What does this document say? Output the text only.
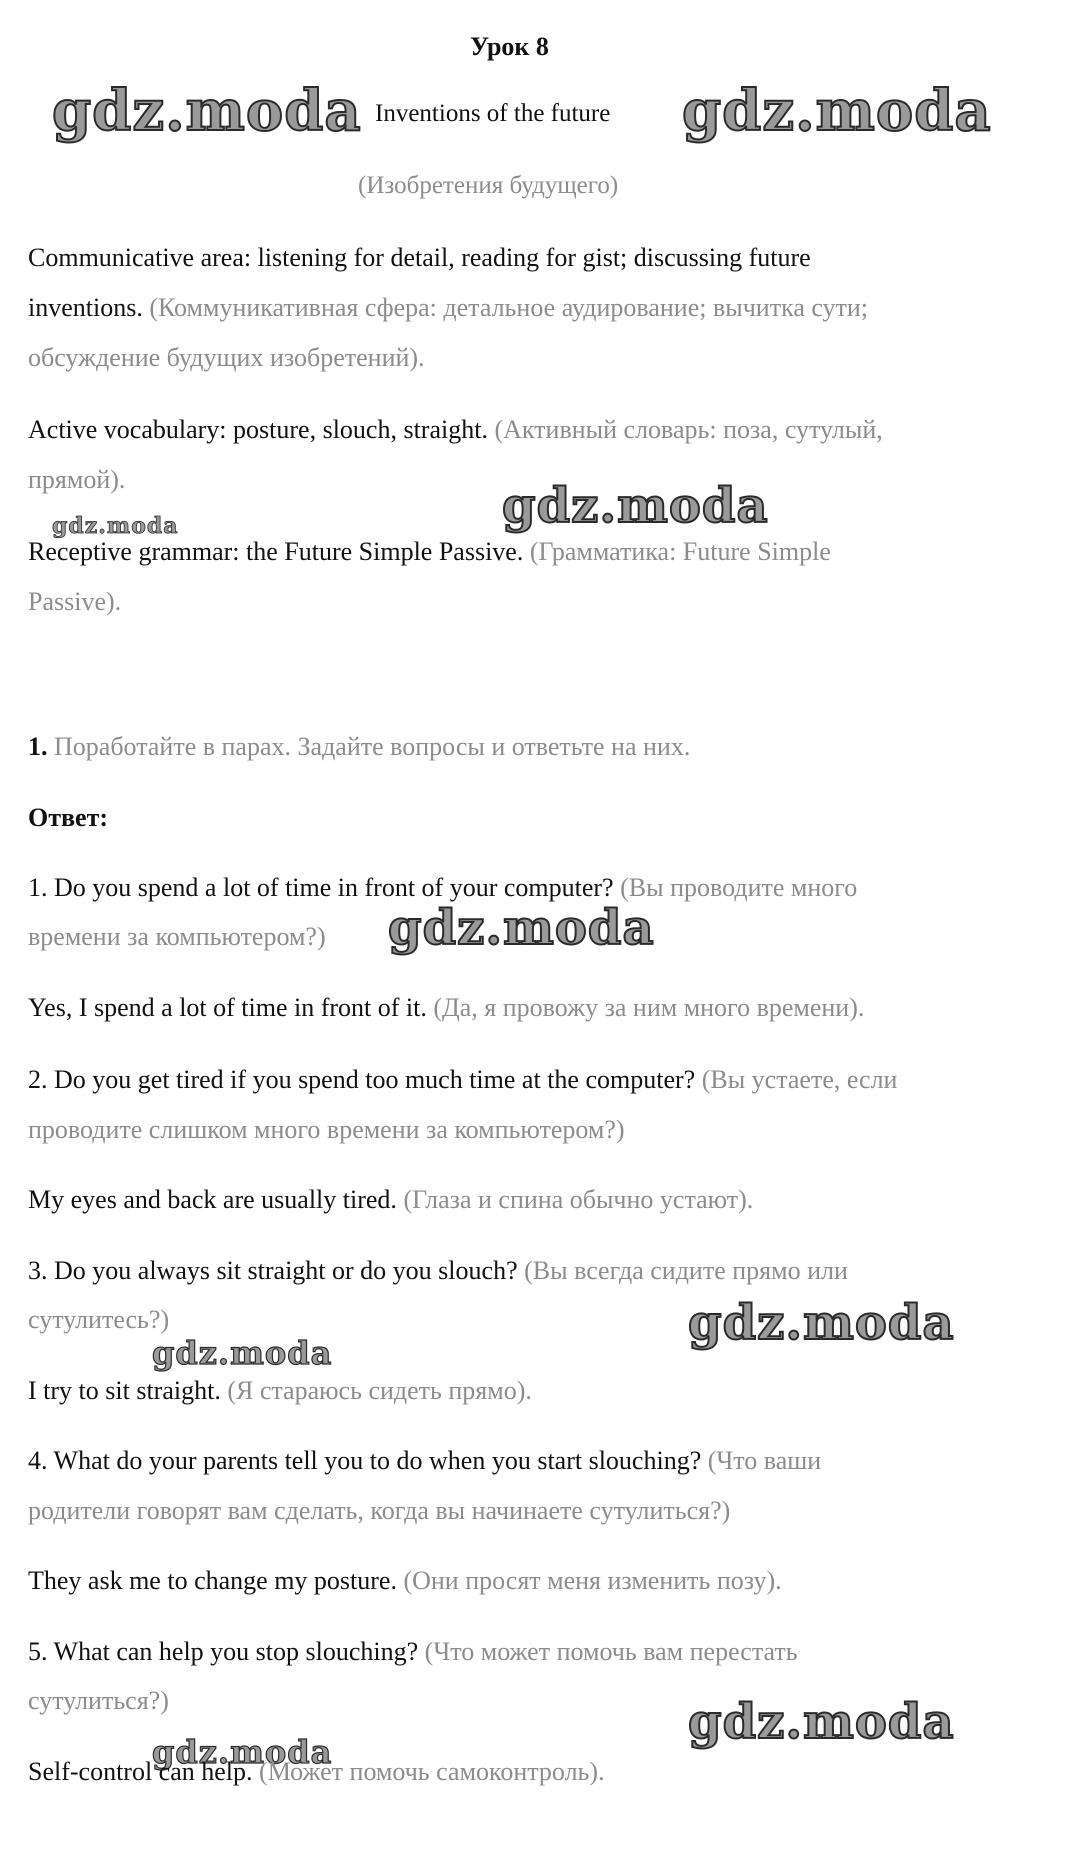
Урок 8
Inventions of the future
(Изобретения будущего)
gdz.moda	gdz.moda
gdz.moda
gdz.moda
gdz.moda
gdz.moda
gdz.moda
gdz.moda
gdz.moda
Communicative area: listening for detail, reading for gist; discussing future
inventions. (Коммуникативная сфера: детальное аудирование; вычитка сути;
обсуждение будущих изобретений).
Active vocabulary: posture, slouch, straight. (Активный словарь: поза, сутулый,
прямой).
Receptive grammar: the Future Simple Passive. (Грамматика: Future Simple
Passive).
1. Поработайте в парах. Задайте вопросы и ответьте на них.
Ответ:
1. Do you spend a lot of time in front of your computer? (Вы проводите много
времени за компьютером?)
Yes, I spend a lot of time in front of it. (Да, я провожу за ним много времени).
2. Do you get tired if you spend too much time at the computer? (Вы устаете, если
проводите слишком много времени за компьютером?)
My eyes and back are usually tired. (Глаза и спина обычно устают).
3. Do you always sit straight or do you slouch? (Вы всегда сидите прямо или
сутулитесь?)
I try to sit straight. (Я стараюсь сидеть прямо).
4. What do your parents tell you to do when you start slouching? (Что ваши
родители говорят вам сделать, когда вы начинаете сутулиться?)
They ask me to change my posture. (Они просят меня изменить позу).
5. What can help you stop slouching? (Что может помочь вам перестать
сутулиться?)
Self-control can help. (Может помочь самоконтроль).
